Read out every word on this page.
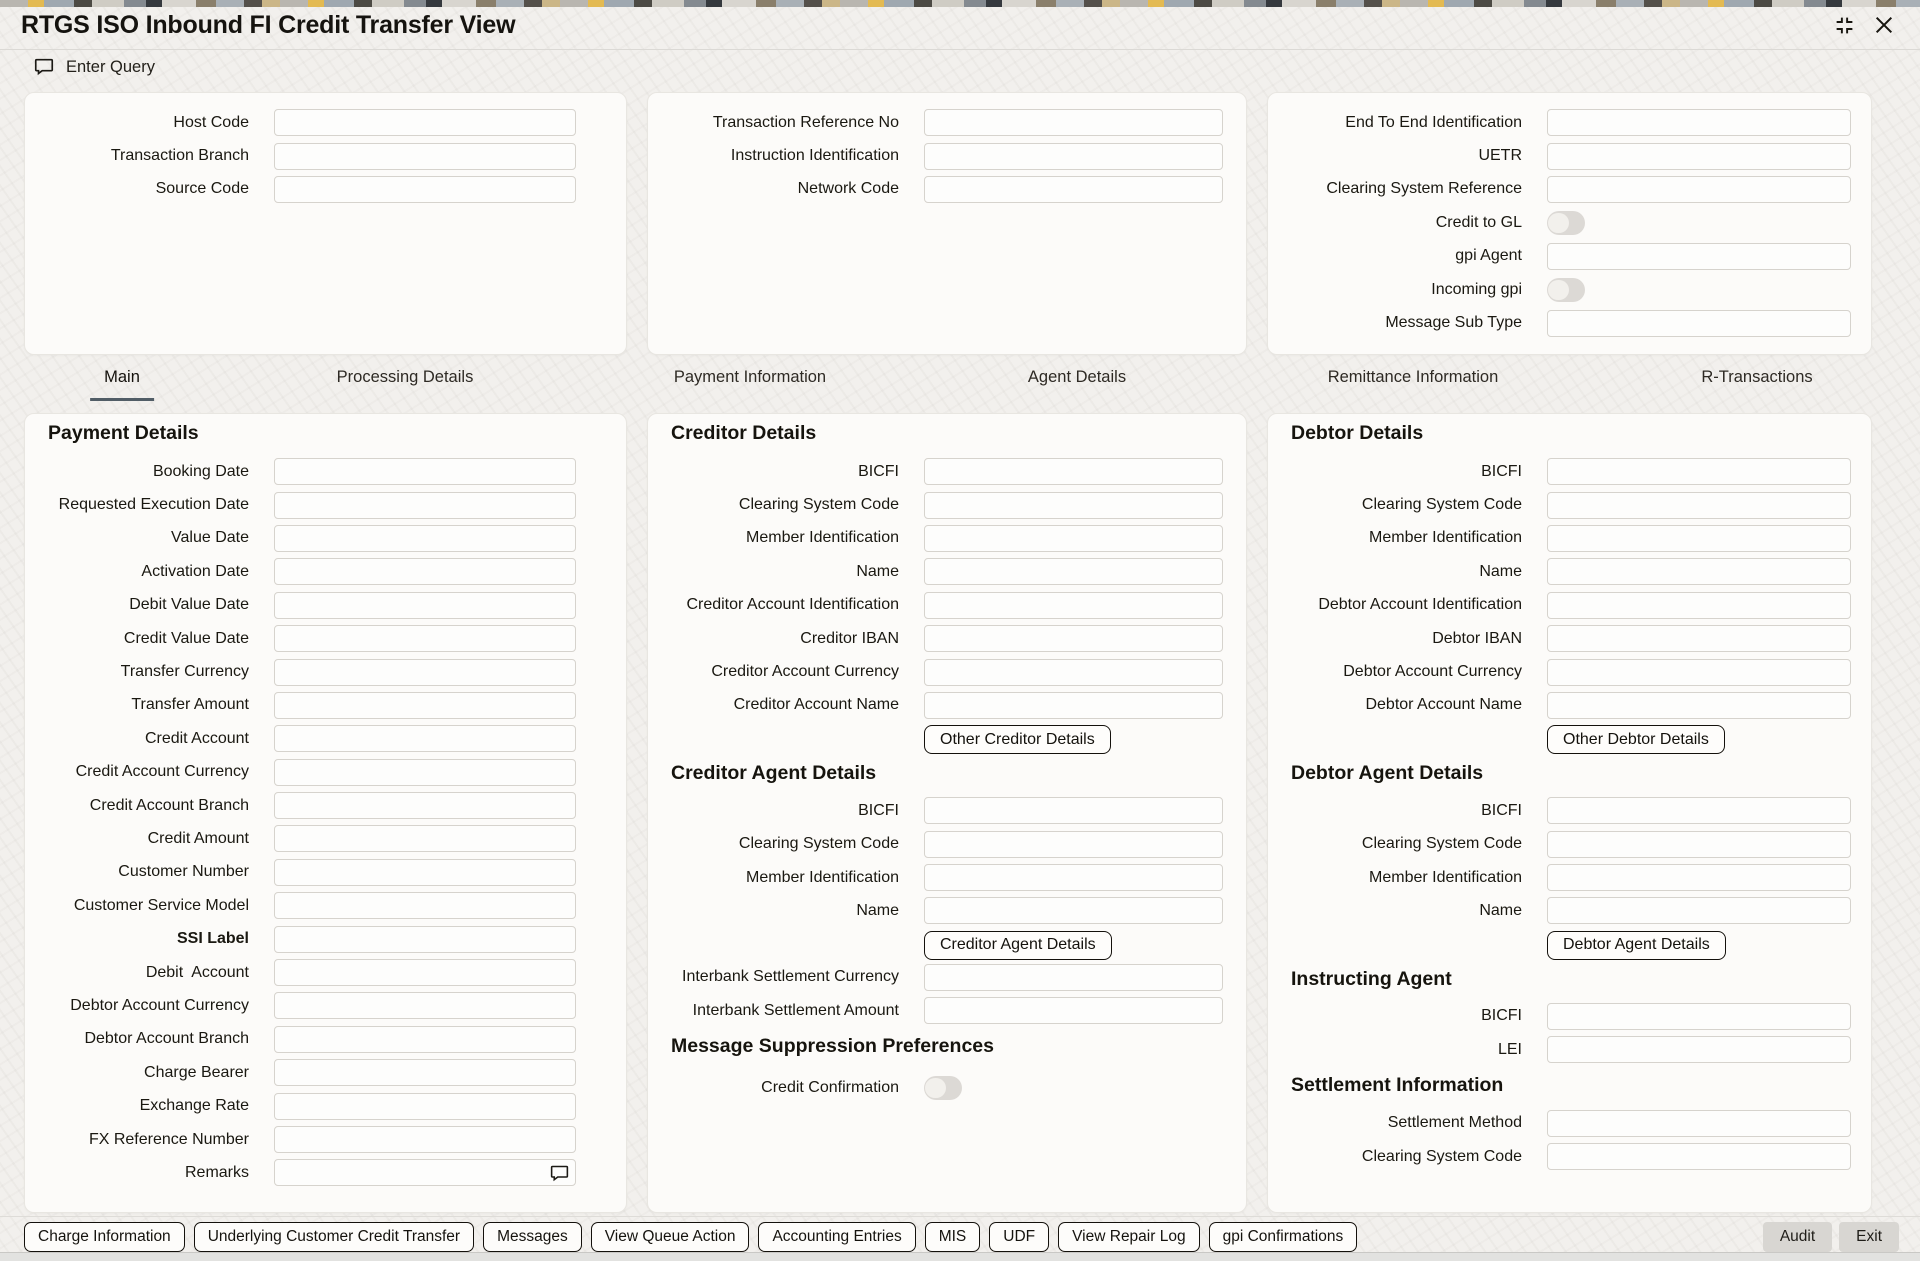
RTGS ISO Inbound FI Credit Transfer View
Enter Query
Host Code
Transaction Branch
Source Code
Transaction Reference No
Instruction Identification
Network Code
End To End Identification
UETR
Clearing System Reference
Credit to GL
gpi Agent
Incoming gpi
Message Sub Type
Main	Processing Details	Payment Information	Agent Details	Remittance Information	R-Transactions
Payment Details
Booking Date
Requested Execution Date
Value Date
Activation Date
Debit Value Date
Credit Value Date
Transfer Currency
Transfer Amount
Credit Account
Credit Account Currency
Credit Account Branch
Credit Amount
Customer Number
Customer Service Model
SSI Label
Debit  Account
Debtor Account Currency
Debtor Account Branch
Charge Bearer
Exchange Rate
FX Reference Number
Remarks
Creditor Details
BICFI
Clearing System Code
Member Identification
Name
Creditor Account Identification
Creditor IBAN
Creditor Account Currency
Creditor Account Name
Other Creditor Details
Creditor Agent Details
BICFI
Clearing System Code
Member Identification
Name
Creditor Agent Details
Interbank Settlement Currency
Interbank Settlement Amount
Message Suppression Preferences
Credit Confirmation
Debtor Details
BICFI
Clearing System Code
Member Identification
Name
Debtor Account Identification
Debtor IBAN
Debtor Account Currency
Debtor Account Name
Other Debtor Details
Debtor Agent Details
BICFI
Clearing System Code
Member Identification
Name
Debtor Agent Details
Instructing Agent
BICFI
LEI
Settlement Information
Settlement Method
Clearing System Code
Charge Information	Underlying Customer Credit Transfer	Messages	View Queue Action	Accounting Entries	MIS	UDF	View Repair Log	gpi Confirmations	Audit	Exit
